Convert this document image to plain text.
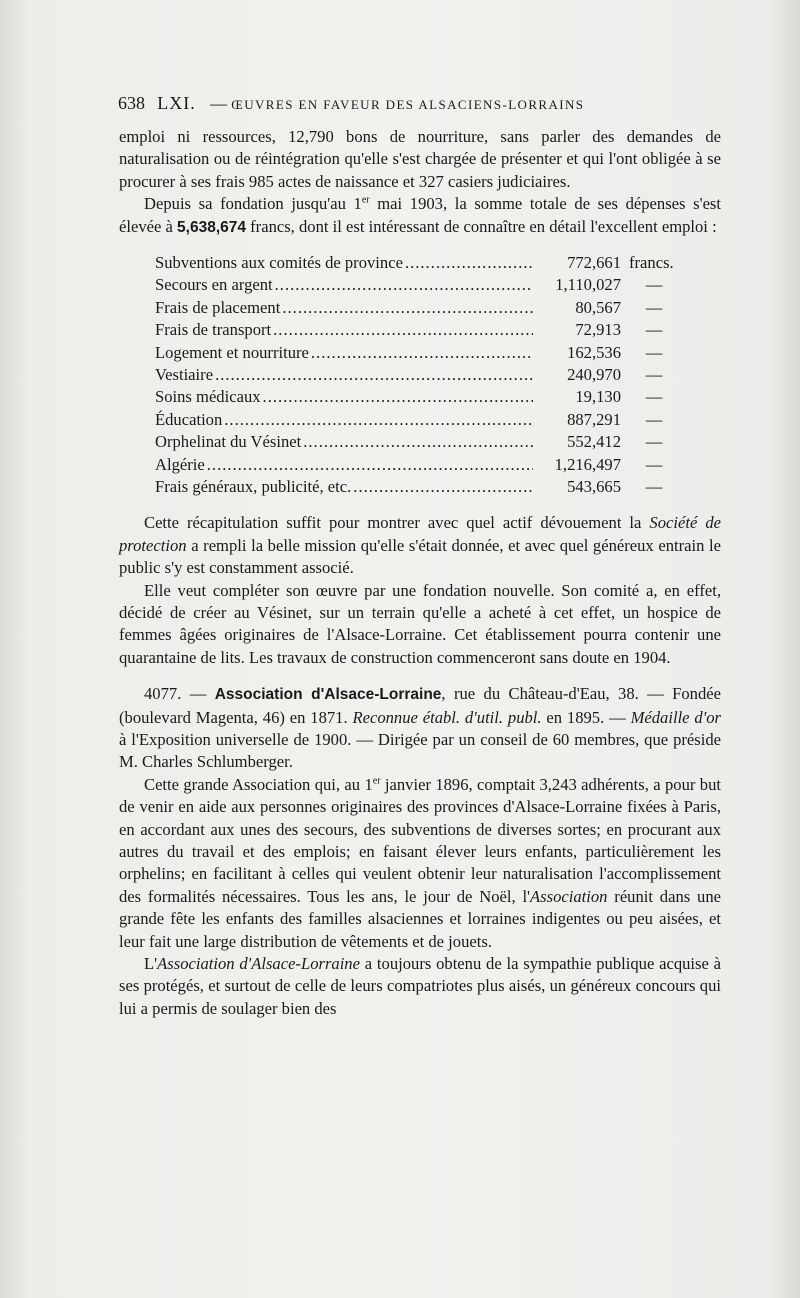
638 LXI. — ŒUVRES EN FAVEUR DES ALSACIENS-LORRAINS

emploi ni ressources, 12,790 bons de nourriture, sans parler des demandes de naturalisation ou de réintégration qu'elle s'est chargée de présenter et qui l'ont obligée à se procurer à ses frais 985 actes de naissance et 327 casiers judiciaires.

Depuis sa fondation jusqu'au 1er mai 1903, la somme totale de ses dépenses s'est élevée à 5,638,674 francs, dont il est intéressant de connaître en détail l'excellent emploi :

Subventions aux comités de province .....	772,661 francs.
Secours en argent .....	1,110,027	—
Frais de placement .....	80,567	—
Frais de transport .....	72,913	—
Logement et nourriture .....	162,536	—
Vestiaire .....	240,970	—
Soins médicaux .....	19,130	—
Éducation .....	887,291	—
Orphelinat du Vésinet .....	552,412	—
Algérie .....	1,216,497	—
Frais généraux, publicité, etc. .....	543,665	—

Cette récapitulation suffit pour montrer avec quel actif dévouement la Société de protection a rempli la belle mission qu'elle s'était donnée, et avec quel généreux entrain le public s'y est constamment associé.

Elle veut compléter son œuvre par une fondation nouvelle. Son comité a, en effet, décidé de créer au Vésinet, sur un terrain qu'elle a acheté à cet effet, un hospice de femmes âgées originaires de l'Alsace-Lorraine. Cet établissement pourra contenir une quarantaine de lits. Les travaux de construction commenceront sans doute en 1904.

4077. — Association d'Alsace-Lorraine, rue du Château-d'Eau, 38. — Fondée (boulevard Magenta, 46) en 1871. Reconnue établ. d'util. publ. en 1895. — Médaille d'or à l'Exposition universelle de 1900. — Dirigée par un conseil de 60 membres, que préside M. Charles Schlumberger.

Cette grande Association qui, au 1er janvier 1896, comptait 3,243 adhérents, a pour but de venir en aide aux personnes originaires des provinces d'Alsace-Lorraine fixées à Paris, en accordant aux unes des secours, des subventions de diverses sortes; en procurant aux autres du travail et des emplois; en faisant élever leurs enfants, particulièrement les orphelins; en facilitant à celles qui veulent obtenir leur naturalisation l'accomplissement des formalités nécessaires. Tous les ans, le jour de Noël, l'Association réunit dans une grande fête les enfants des familles alsaciennes et lorraines indigentes ou peu aisées, et leur fait une large distribution de vêtements et de jouets.

L'Association d'Alsace-Lorraine a toujours obtenu de la sympathie publique acquise à ses protégés, et surtout de celle de leurs compatriotes plus aisés, un généreux concours qui lui a permis de soulager bien des
